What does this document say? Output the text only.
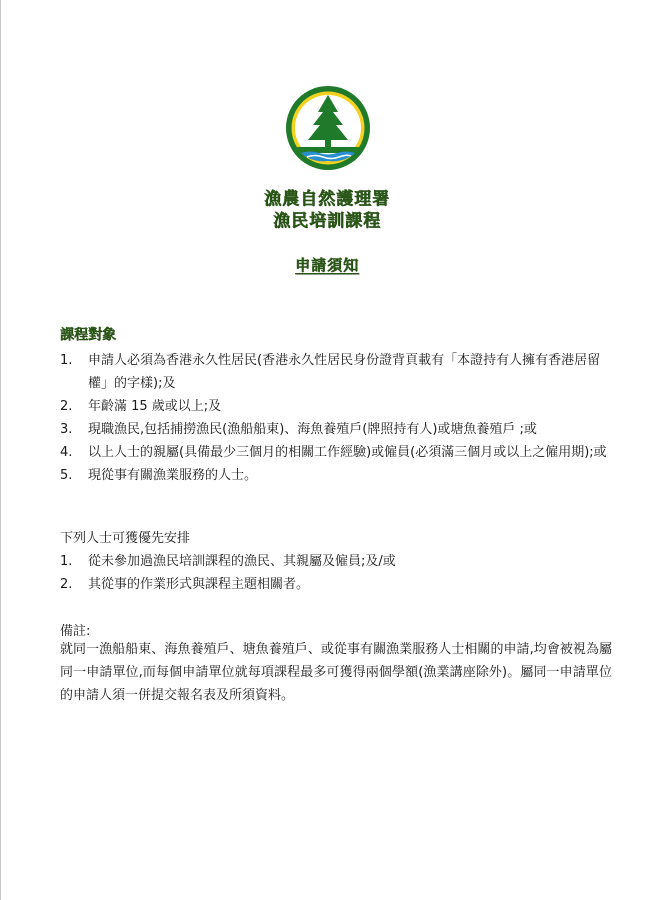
漁農自然護理署
漁民培訓課程
申請須知
課程對象
1. 申請人必須為香港永久性居民(香港永久性居民身份證背頁載有「本證持有人擁有香港居留權」的字樣);及
2. 年齡滿 15 歲或以上;及
3. 現職漁民,包括捕撈漁民(漁船船東)、海魚養殖戶(牌照持有人)或塘魚養殖戶 ;或
4. 以上人士的親屬(具備最少三個月的相關工作經驗)或僱員(必須滿三個月或以上之僱用期);或
5. 現從事有關漁業服務的人士。
下列人士可獲優先安排
1. 從未參加過漁民培訓課程的漁民、其親屬及僱員;及/或
2. 其從事的作業形式與課程主題相關者。
備註:
就同一漁船船東、海魚養殖戶、塘魚養殖戶、或從事有關漁業服務人士相關的申請,均會被視為屬同一申請單位,而每個申請單位就每項課程最多可獲得兩個學額(漁業講座除外)。屬同一申請單位的申請人須一併提交報名表及所須資料。
